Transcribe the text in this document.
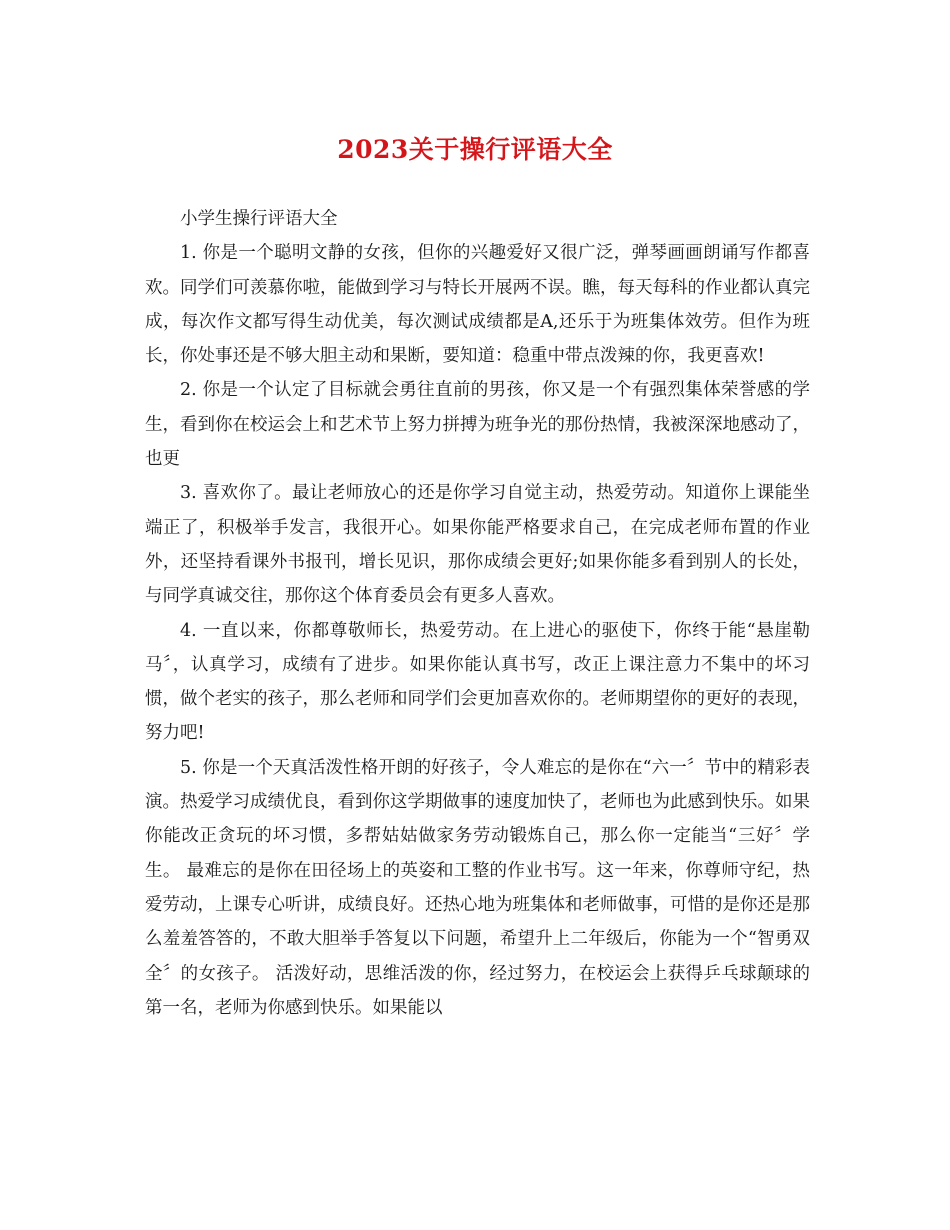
2023关于操行评语大全

小学生操行评语大全

1. 你是一个聪明文静的女孩，但你的兴趣爱好又很广泛，弹琴画画朗诵写作都喜欢。同学们可羡慕你啦，能做到学习与特长开展两不误。瞧，每天每科的作业都认真完成，每次作文都写得生动优美，每次测试成绩都是A,还乐于为班集体效劳。但作为班长，你处事还是不够大胆主动和果断，要知道：稳重中带点泼辣的你，我更喜欢!

2. 你是一个认定了目标就会勇往直前的男孩，你又是一个有强烈集体荣誉感的学生，看到你在校运会上和艺术节上努力拼搏为班争光的那份热情，我被深深地感动了，也更

3. 喜欢你了。最让老师放心的还是你学习自觉主动，热爱劳动。知道你上课能坐端正了，积极举手发言，我很开心。如果你能严格要求自己，在完成老师布置的作业外，还坚持看课外书报刊，增长见识，那你成绩会更好;如果你能多看到别人的长处，与同学真诚交往，那你这个体育委员会有更多人喜欢。

4. 一直以来，你都尊敬师长，热爱劳动。在上进心的驱使下，你终于能“悬崖勒马〞，认真学习，成绩有了进步。如果你能认真书写，改正上课注意力不集中的坏习惯，做个老实的孩子，那么老师和同学们会更加喜欢你的。老师期望你的更好的表现，努力吧!

5. 你是一个天真活泼性格开朗的好孩子，令人难忘的是你在“六一〞节中的精彩表演。热爱学习成绩优良，看到你这学期做事的速度加快了，老师也为此感到快乐。如果你能改正贪玩的坏习惯，多帮姑姑做家务劳动锻炼自己，那么你一定能当“三好〞学生。 最难忘的是你在田径场上的英姿和工整的作业书写。这一年来，你尊师守纪，热爱劳动，上课专心听讲，成绩良好。还热心地为班集体和老师做事，可惜的是你还是那么羞羞答答的，不敢大胆举手答复以下问题，希望升上二年级后，你能为一个“智勇双全〞的女孩子。 活泼好动，思维活泼的你，经过努力，在校运会上获得乒乓球颠球的第一名，老师为你感到快乐。如果能以
